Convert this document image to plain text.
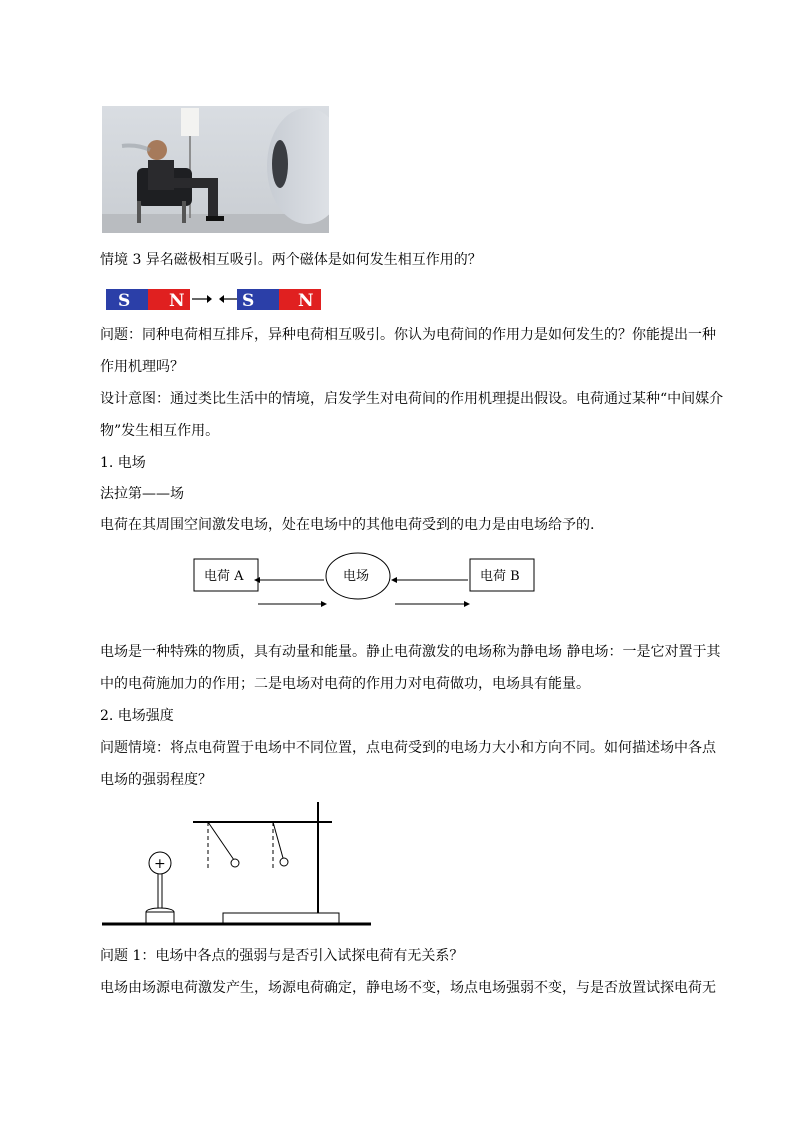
情境 3 异名磁极相互吸引。两个磁体是如何发生相互作用的？
S N	S	N
问题：同种电荷相互排斥，异种电荷相互吸引。你认为电荷间的作用力是如何发生的？你能提出一种
作用机理吗？
设计意图：通过类比生活中的情境，启发学生对电荷间的作用机理提出假设。电荷通过某种“中间媒介
物”发生相互作用。
1. 电场
法拉第——场
电荷在其周围空间激发电场，处在电场中的其他电荷受到的电力是由电场给予的.
电荷 A	电场	电荷 B
电场是一种特殊的物质，具有动量和能量。静止电荷激发的电场称为静电场 静电场：一是它对置于其
中的电荷施加力的作用；二是电场对电荷的作用力对电荷做功，电场具有能量。
2. 电场强度
问题情境：将点电荷置于电场中不同位置，点电荷受到的电场力大小和方向不同。如何描述场中各点
电场的强弱程度？
+
问题 1：电场中各点的强弱与是否引入试探电荷有无关系？
电场由场源电荷激发产生，场源电荷确定，静电场不变，场点电场强弱不变，与是否放置试探电荷无
